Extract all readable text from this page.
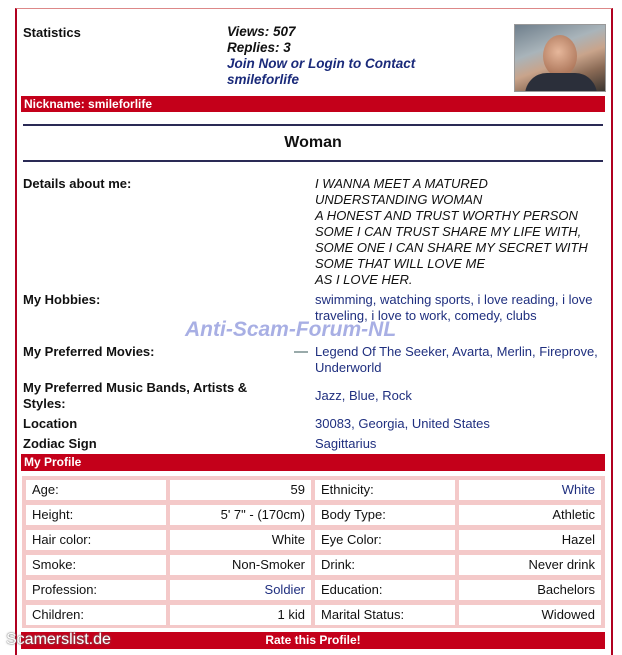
Statistics	Views: 507
Replies: 3
Join Now or Login to Contact
smileforlife
Nickname: smileforlife
Woman
Details about me:	I WANNA MEET A MATURED
UNDERSTANDING WOMAN
A HONEST AND TRUST WORTHY PERSON
SOME I CAN TRUST SHARE MY LIFE WITH,
SOME ONE I CAN SHARE MY SECRET WITH
SOME THAT WILL LOVE ME
AS I LOVE HER.
My Hobbies:	swimming, watching sports, i love reading, i love traveling, i love to work, comedy, clubs
Anti-Scam-Forum-NL
My Preferred Movies:	Legend Of The Seeker, Avarta, Merlin, Fireprove, Underworld
My Preferred Music Bands, Artists & Styles:
Jazz, Blue, Rock
Location	30083, Georgia, United States
Zodiac Sign	Sagittarius
My Profile
Age:	59	Ethnicity:	White
Height:	5' 7" - (170cm)	Body Type:	Athletic
Hair color:	White	Eye Color:	Hazel
Smoke:	Non-Smoker	Drink:	Never drink
Profession:	Soldier	Education:	Bachelors
Children:	1 kid	Marital Status:	Widowed
Rate this Profile!
Scamerslist.de
